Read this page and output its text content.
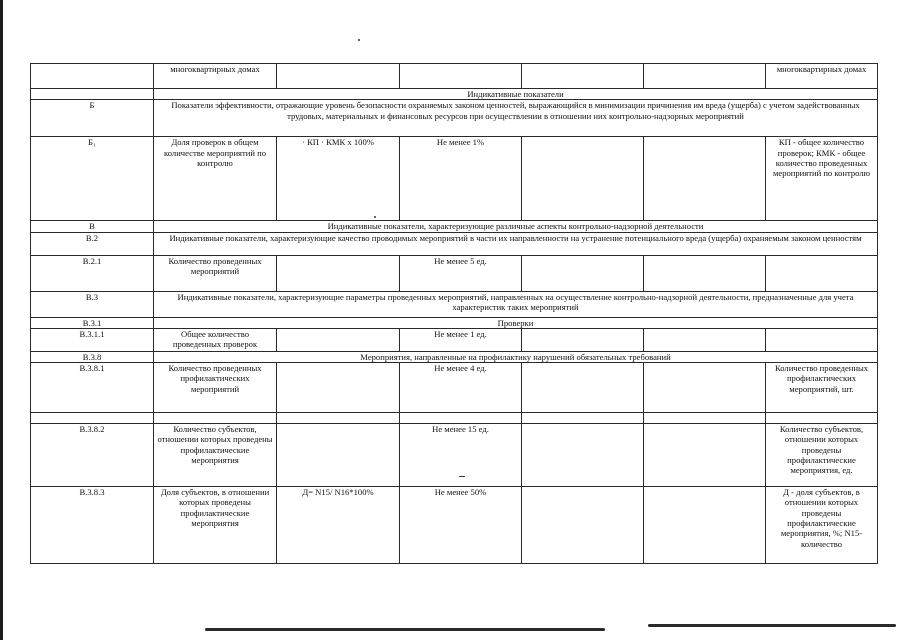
	многоквартирных домах					многоквартирных домах
	Индикативные показатели					
Б	Показатели эффективности, отражающие уровень безопасности охраняемых законом ценностей, выражающийся в минимизации причинения им вреда (ущерба) с учетом задействованных трудовых, материальных и финансовых ресурсов при осуществлении в отношении них контрольно-надзорных мероприятий					
Б₁	Доля проверок в общем количестве мероприятий по контролю	· КП · КМК х 100%	Не менее 1%			КП - общее количество проверок; КМК - общее количество проведенных мероприятий по контролю
В	Индикативные показатели, характеризующие различные аспекты контрольно-надзорной деятельности					
В.2	Индикативные показатели, характеризующие качество проводимых мероприятий в части их направленности на устранение потенциального вреда (ущерба) охраняемым законом ценностям					
В.2.1	Количество проведенных мероприятий		Не менее 5 ед.			
В.3	Индикативные показатели, характеризующие параметры проведенных мероприятий, направленных на осуществление контрольно-надзорной деятельности, предназначенные для учета характеристик таких мероприятий					
В.3.1	Проверки					
В.3.1.1	Общее количество проведенных проверок		Не менее 1 ед.			
В.3.8	Мероприятия, направленные на профилактику нарушений обязательных требований					
В.3.8.1	Количество проведенных профилактических мероприятий		Не менее 4 ед.			Количество проведенных профилактических мероприятий, шт.

В.3.8.2	Количество субъектов, отношении которых проведены профилактические мероприятия		Не менее 15 ед.			Количество субъектов, отношении которых проведены профилактические мероприятия, ед.
В.3.8.3	Доля субъектов, в отношении которых проведены профилактические мероприятия	Д= N15/ N16*100%	Не менее 50%			Д - доля субъектов, в отношении которых проведены профилактические мероприятия, %; N15- количество
